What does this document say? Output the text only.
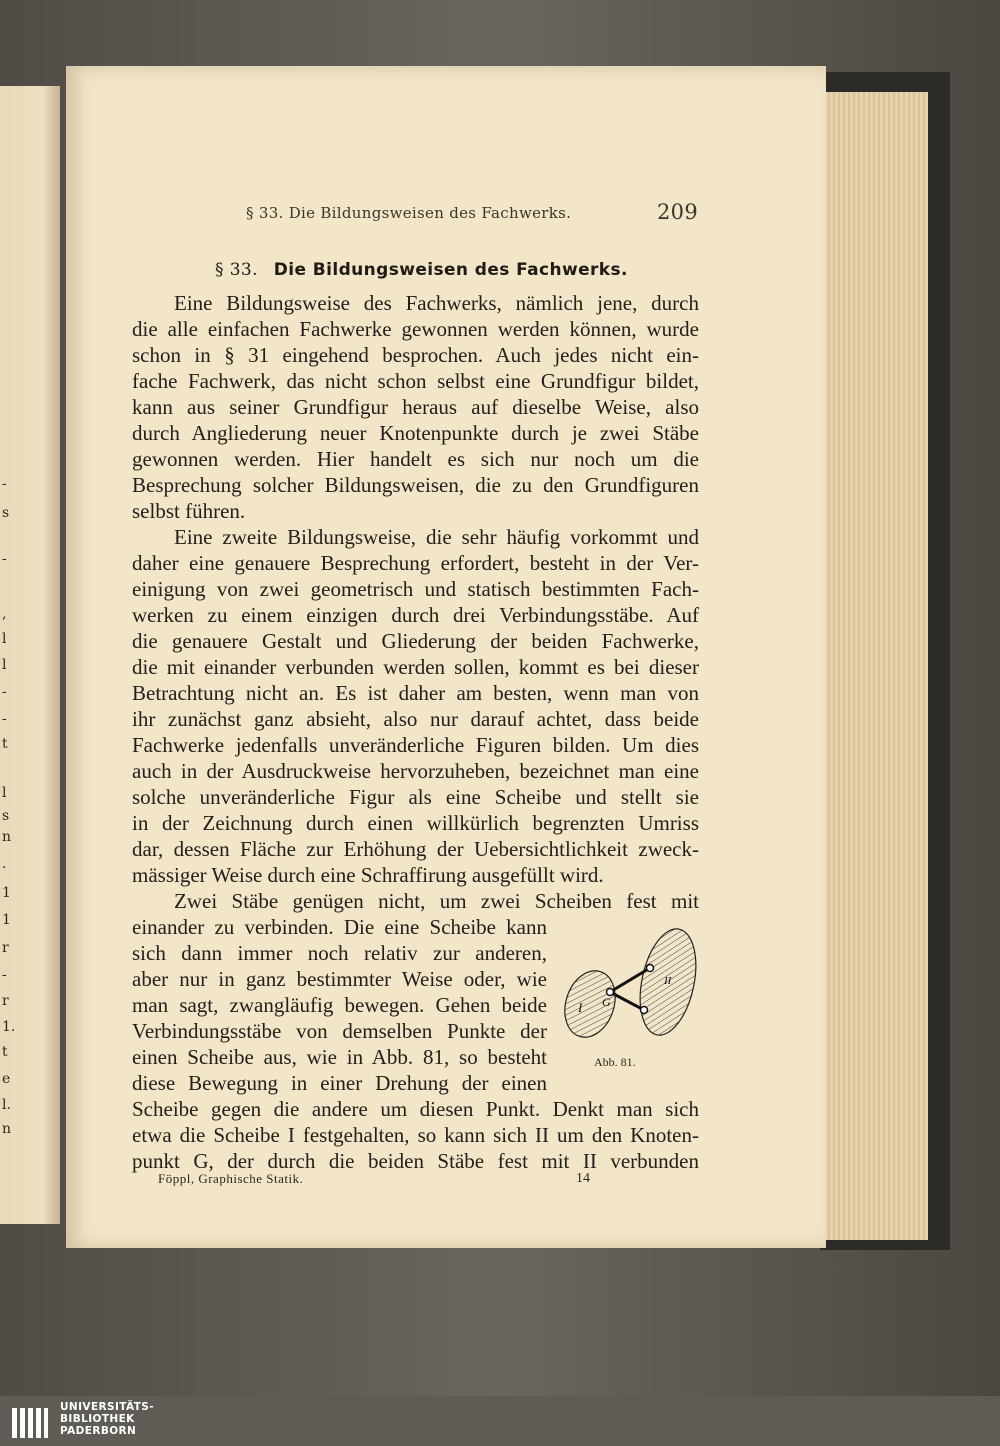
-
s
-
,
l
l
-
-
t
l
s
n
.
1
1
r
-
r
1.
t
e
l.
n
§ 33. Die Bildungsweisen des Fachwerks.	209
§ 33. Die Bildungsweisen des Fachwerks.
Eine Bildungsweise des Fachwerks, nämlich jene, durch
die alle einfachen Fachwerke gewonnen werden können, wurde
schon in § 31 eingehend besprochen. Auch jedes nicht ein-
fache Fachwerk, das nicht schon selbst eine Grundfigur bildet,
kann aus seiner Grundfigur heraus auf dieselbe Weise, also
durch Angliederung neuer Knotenpunkte durch je zwei Stäbe
gewonnen werden. Hier handelt es sich nur noch um die
Besprechung solcher Bildungsweisen, die zu den Grundfiguren
selbst führen.
Eine zweite Bildungsweise, die sehr häufig vorkommt und
daher eine genauere Besprechung erfordert, besteht in der Ver-
einigung von zwei geometrisch und statisch bestimmten Fach-
werken zu einem einzigen durch drei Verbindungsstäbe. Auf
die genauere Gestalt und Gliederung der beiden Fachwerke,
die mit einander verbunden werden sollen, kommt es bei dieser
Betrachtung nicht an. Es ist daher am besten, wenn man von
ihr zunächst ganz absieht, also nur darauf achtet, dass beide
Fachwerke jedenfalls unveränderliche Figuren bilden. Um dies
auch in der Ausdruckweise hervorzuheben, bezeichnet man eine
solche unveränderliche Figur als eine Scheibe und stellt sie
in der Zeichnung durch einen willkürlich begrenzten Umriss
dar, dessen Fläche zur Erhöhung der Uebersichtlichkeit zweck-
mässiger Weise durch eine Schraffirung ausgefüllt wird.
Zwei Stäbe genügen nicht, um zwei Scheiben fest mit
einander zu verbinden. Die eine Scheibe kann
sich dann immer noch relativ zur anderen,
aber nur in ganz bestimmter Weise oder, wie
man sagt, zwangläufig bewegen. Gehen beide
Verbindungsstäbe von demselben Punkte der
einen Scheibe aus, wie in Abb. 81, so besteht
diese Bewegung in einer Drehung der einen
Scheibe gegen die andere um diesen Punkt. Denkt man sich
etwa die Scheibe I festgehalten, so kann sich II um den Knoten-
punkt G, der durch die beiden Stäbe fest mit II verbunden
I
II
G
Abb. 81.
Föppl, Graphische Statik.	14
UNIVERSITÄTS-
BIBLIOTHEK
PADERBORN
